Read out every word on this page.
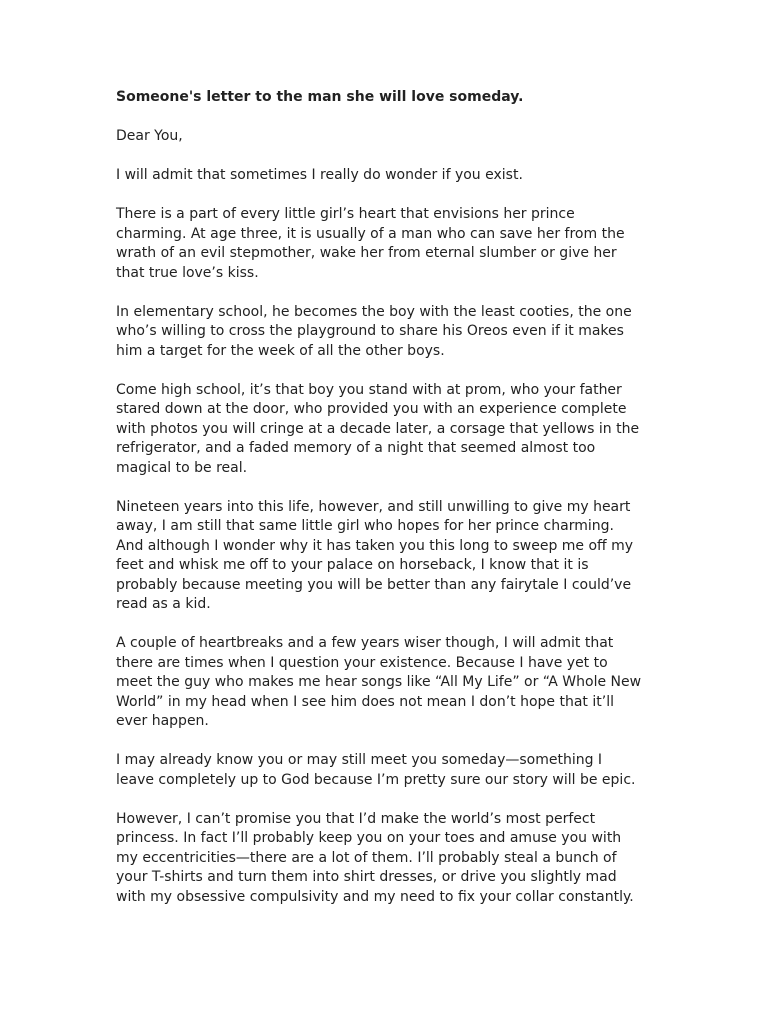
Someone's letter to the man she will love someday.
Dear You,
I will admit that sometimes I really do wonder if you exist.
There is a part of every little girl’s heart that envisions her prince
charming. At age three, it is usually of a man who can save her from the
wrath of an evil stepmother, wake her from eternal slumber or give her
that true love’s kiss.
In elementary school, he becomes the boy with the least cooties, the one
who’s willing to cross the playground to share his Oreos even if it makes
him a target for the week of all the other boys.
Come high school, it’s that boy you stand with at prom, who your father
stared down at the door, who provided you with an experience complete
with photos you will cringe at a decade later, a corsage that yellows in the
refrigerator, and a faded memory of a night that seemed almost too
magical to be real.
Nineteen years into this life, however, and still unwilling to give my heart
away, I am still that same little girl who hopes for her prince charming.
And although I wonder why it has taken you this long to sweep me off my
feet and whisk me off to your palace on horseback, I know that it is
probably because meeting you will be better than any fairytale I could’ve
read as a kid.
A couple of heartbreaks and a few years wiser though, I will admit that
there are times when I question your existence. Because I have yet to
meet the guy who makes me hear songs like “All My Life” or “A Whole New
World” in my head when I see him does not mean I don’t hope that it’ll
ever happen.
I may already know you or may still meet you someday—something I
leave completely up to God because I’m pretty sure our story will be epic.
However, I can’t promise you that I’d make the world’s most perfect
princess. In fact I’ll probably keep you on your toes and amuse you with
my eccentricities—there are a lot of them. I’ll probably steal a bunch of
your T-shirts and turn them into shirt dresses, or drive you slightly mad
with my obsessive compulsivity and my need to fix your collar constantly.
